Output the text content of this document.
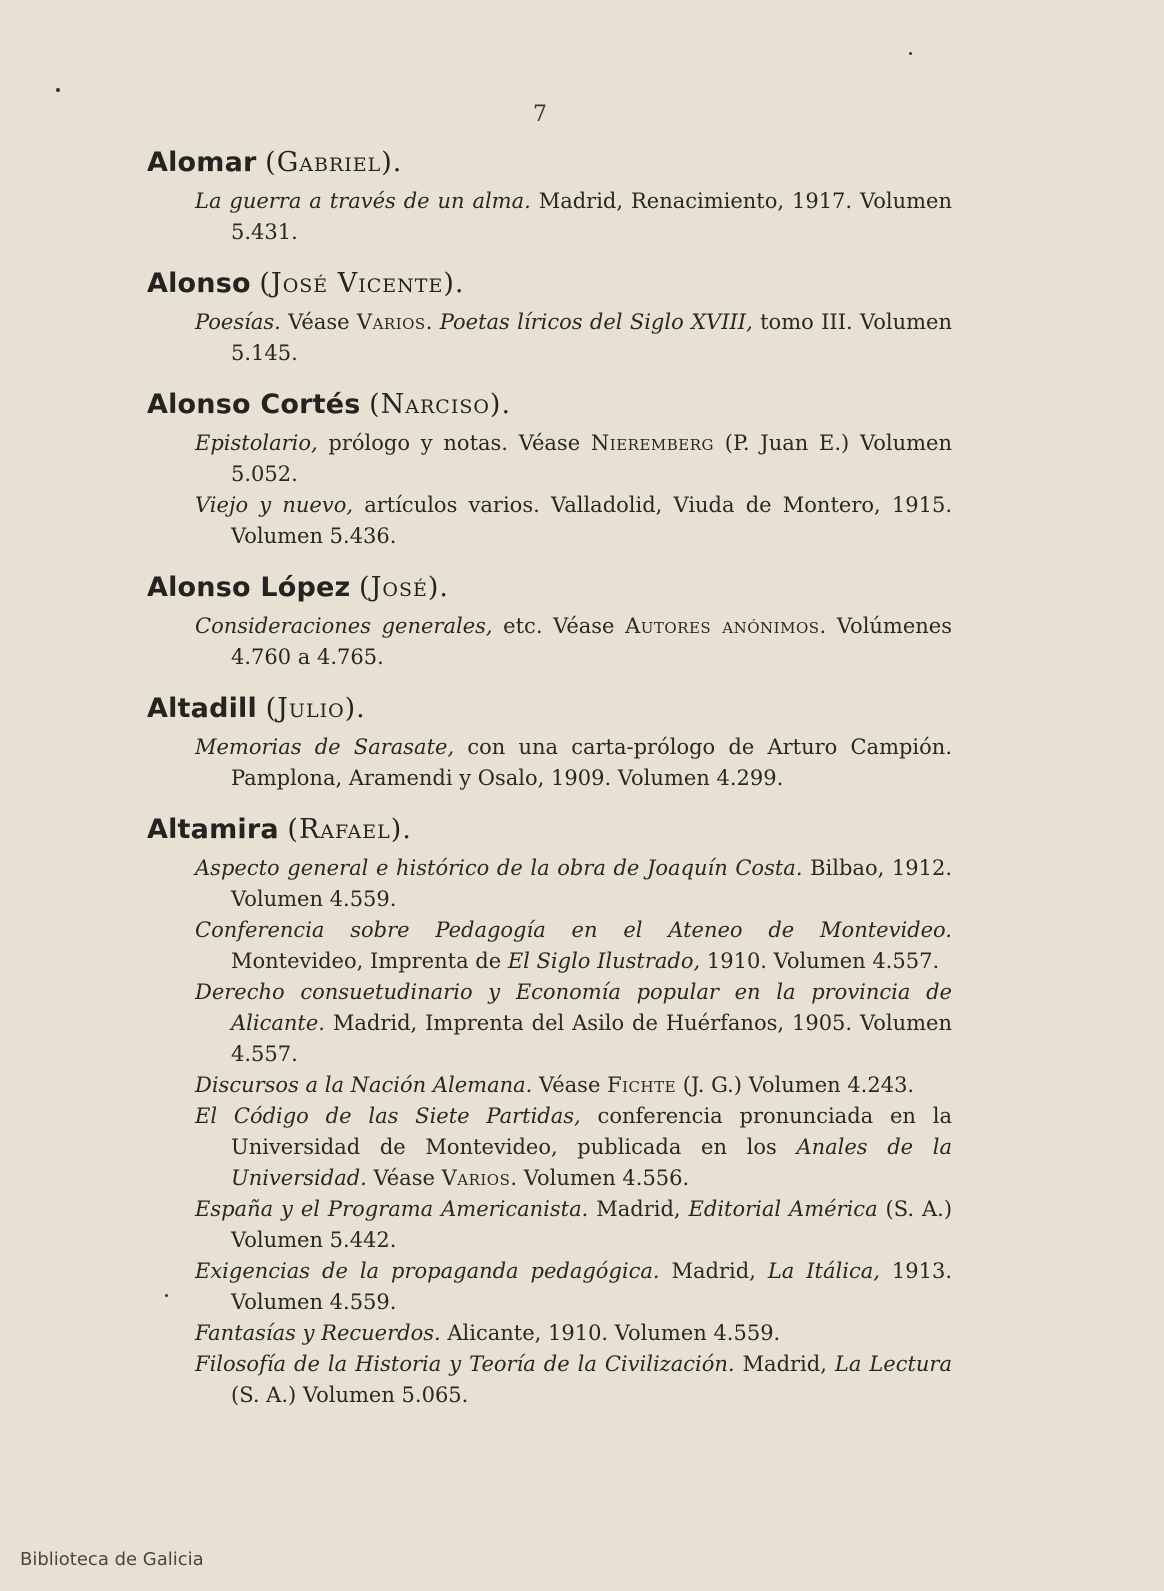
7
Alomar (Gabriel).

La guerra a través de un alma. Madrid, Renacimiento, 1917. Volumen 5.431.

Alonso (José Vicente).

Poesías. Véase Varios. Poetas líricos del Siglo XVIII, tomo III. Volumen 5.145.

Alonso Cortés (Narciso).

Epistolario, prólogo y notas. Véase Nieremberg (P. Juan E.) Volumen 5.052.

Viejo y nuevo, artículos varios. Valladolid, Viuda de Montero, 1915. Volumen 5.436.

Alonso López (José).

Consideraciones generales, etc. Véase Autores anónimos. Volúmenes 4.760 a 4.765.

Altadill (Julio).

Memorias de Sarasate, con una carta-prólogo de Arturo Campión. Pamplona, Aramendi y Osalo, 1909. Volumen 4.299.

Altamira (Rafael).

Aspecto general e histórico de la obra de Joaquín Costa. Bilbao, 1912. Volumen 4.559.

Conferencia sobre Pedagogía en el Ateneo de Montevideo. Montevideo, Imprenta de El Siglo Ilustrado, 1910. Volumen 4.557.

Derecho consuetudinario y Economía popular en la provincia de Alicante. Madrid, Imprenta del Asilo de Huérfanos, 1905. Volumen 4.557.

Discursos a la Nación Alemana. Véase Fichte (J. G.) Volumen 4.243.

El Código de las Siete Partidas, conferencia pronunciada en la Universidad de Montevideo, publicada en los Anales de la Universidad. Véase Varios. Volumen 4.556.

España y el Programa Americanista. Madrid, Editorial América (S. A.) Volumen 5.442.

Exigencias de la propaganda pedagógica. Madrid, La Itálica, 1913. Volumen 4.559.

Fantasías y Recuerdos. Alicante, 1910. Volumen 4.559.

Filosofía de la Historia y Teoría de la Civilización. Madrid, La Lectura (S. A.) Volumen 5.065.

Biblioteca de Galicia
